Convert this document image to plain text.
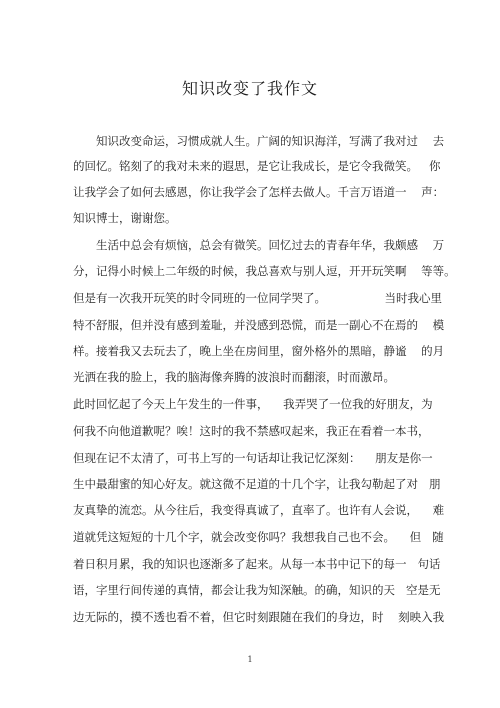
知识改变了我作文
知识改变命运，习惯成就人生。广阔的知识海洋，写满了我对过    去
的回忆。铭刻了的我对未来的遐思，是它让我成长，是它令我微笑。   你
让我学会了如何去感恩，你让我学会了怎样去做人。千言万语道一    声：
知识博士，谢谢您。
生活中总会有烦恼，总会有微笑。回忆过去的青春年华，我颇感    万
分，记得小时候上二年级的时候，我总喜欢与别人逗，开开玩笑啊    等等。
但是有一次我开玩笑的时令同班的一位同学哭了。                当时我心里
特不舒服，但并没有感到羞耻，并没感到恐慌，而是一副心不在焉的    模
样。接着我又去玩去了，晚上坐在房间里，窗外格外的黑暗，静谧    的月
光洒在我的脸上，我的脑海像奔腾的波浪时而翻滚，时而激昂。
此时回忆起了今天上午发生的一件事，    我弄哭了一位我的好朋友，为
何我不向他道歉呢？唉！这时的我不禁感叹起来，我正在看着一本书，
但现在记不太清了，可书上写的一句话却让我记忆深刻：    朋友是你一
生中最甜蜜的知心好友。就这微不足道的十几个字，让我勾勒起了对   朋
友真挚的流恋。从今往后，我变得真诚了，直率了。也许有人会说，    难
道就凭这短短的十几个字，就会改变你吗？我想我自己也不会。    但   随
着日积月累，我的知识也逐渐多了起来。从每一本书中记下的每一   句话
语，字里行间传递的真情，都会让我为知深触。的确，知识的天   空是无
边无际的，摸不透也看不着，但它时刻跟随在我们的身边，时    刻映入我
1
